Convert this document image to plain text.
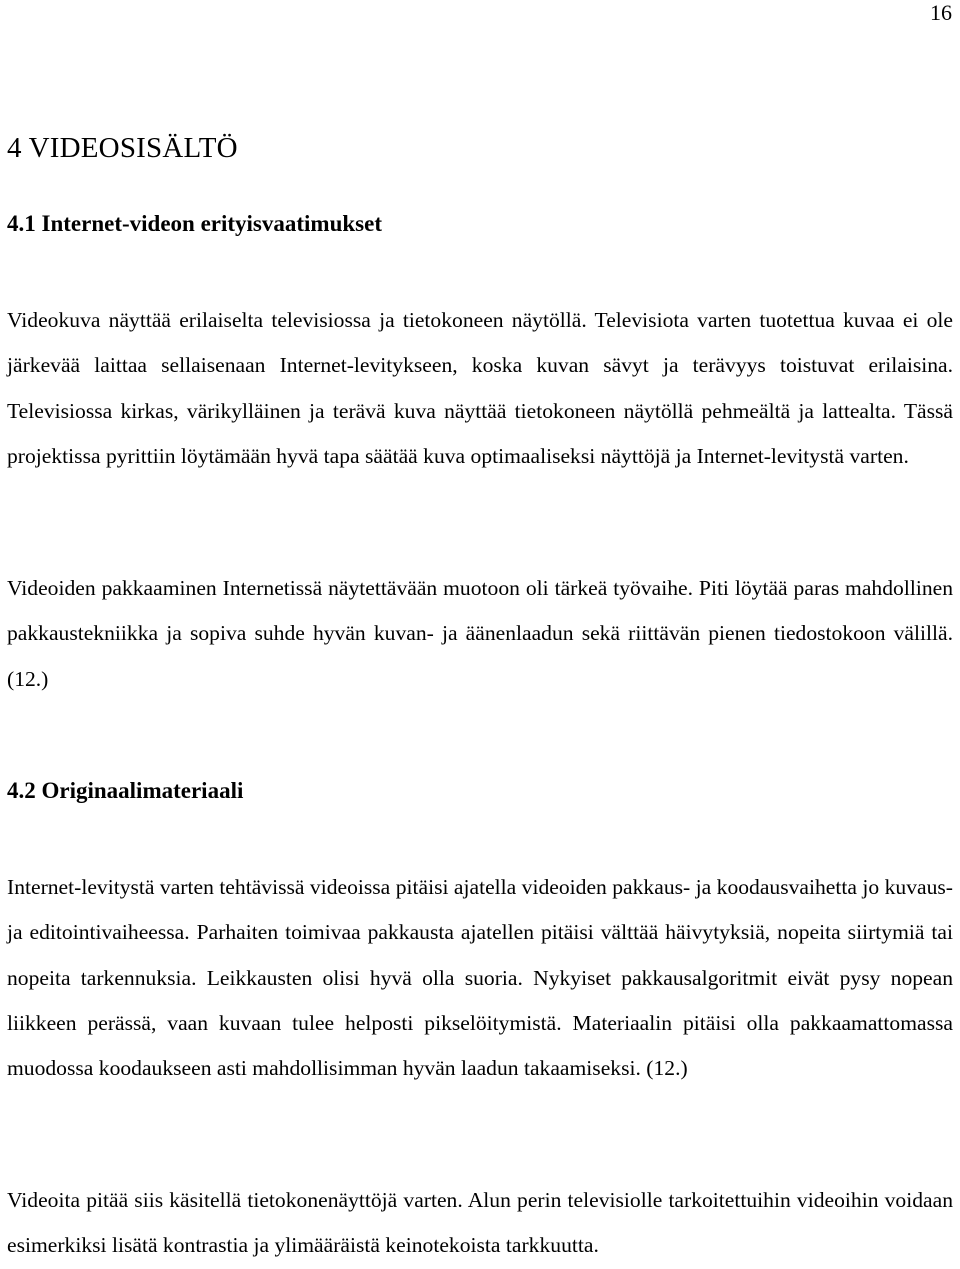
16
4 VIDEOSISÄLTÖ
4.1 Internet-videon erityisvaatimukset

Videokuva näyttää erilaiselta televisiossa ja tietokoneen näytöllä. Televisiota varten tuotettua kuvaa ei ole järkevää laittaa sellaisenaan Internet-levitykseen, koska kuvan sävyt ja terävyys toistuvat erilaisina. Televisiossa kirkas, värikylläinen ja terävä kuva näyttää tietokoneen näytöllä pehmeältä ja lattealta. Tässä projektissa pyrittiin löytämään hyvä tapa säätää kuva optimaaliseksi näyttöjä ja Internet-levitystä varten.

Videoiden pakkaaminen Internetissä näytettävään muotoon oli tärkeä työvaihe. Piti löytää paras mahdollinen pakkaustekniikka ja sopiva suhde hyvän kuvan- ja äänenlaadun sekä riittävän pienen tiedostokoon välillä. (12.)

4.2 Originaalimateriaali

Internet-levitystä varten tehtävissä videoissa pitäisi ajatella videoiden pakkaus- ja koodausvaihetta jo kuvaus- ja editointivaiheessa. Parhaiten toimivaa pakkausta ajatellen pitäisi välttää häivytyksiä, nopeita siirtymiä tai nopeita tarkennuksia. Leikkausten olisi hyvä olla suoria. Nykyiset pakkausalgoritmit eivät pysy nopean liikkeen perässä, vaan kuvaan tulee helposti pikselöitymistä. Materiaalin pitäisi olla pakkaamattomassa muodossa koodaukseen asti mahdollisimman hyvän laadun takaamiseksi. (12.)

Videoita pitää siis käsitellä tietokonenäyttöjä varten. Alun perin televisiolle tarkoitettuihin videoihin voidaan esimerkiksi lisätä kontrastia ja ylimääräistä keinotekoista tarkkuutta.
